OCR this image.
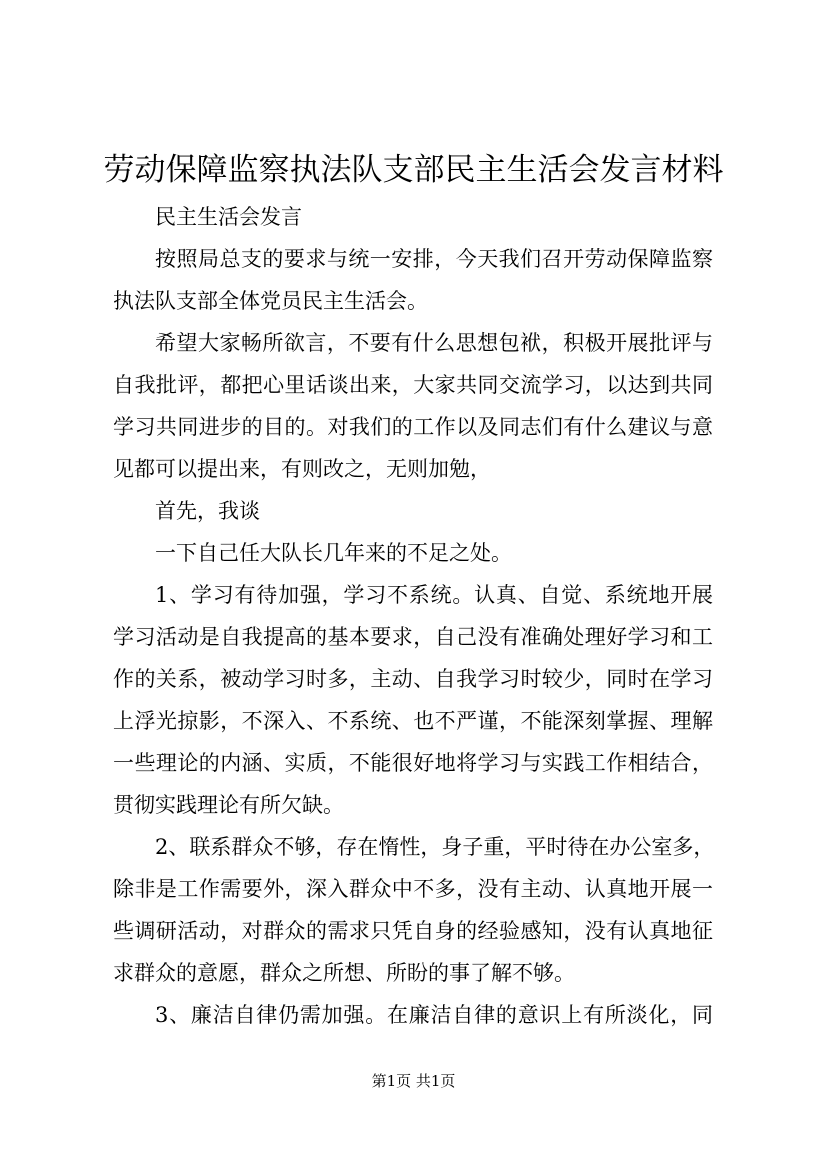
劳动保障监察执法队支部民主生活会发言材料
民主生活会发言
按照局总支的要求与统一安排，今天我们召开劳动保障监察
执法队支部全体党员民主生活会。
希望大家畅所欲言，不要有什么思想包袱，积极开展批评与
自我批评，都把心里话谈出来，大家共同交流学习，以达到共同
学习共同进步的目的。对我们的工作以及同志们有什么建议与意
见都可以提出来，有则改之，无则加勉，
首先，我谈
一下自己任大队长几年来的不足之处。
1、学习有待加强，学习不系统。认真、自觉、系统地开展
学习活动是自我提高的基本要求，自己没有准确处理好学习和工
作的关系，被动学习时多，主动、自我学习时较少，同时在学习
上浮光掠影，不深入、不系统、也不严谨，不能深刻掌握、理解
一些理论的内涵、实质，不能很好地将学习与实践工作相结合，
贯彻实践理论有所欠缺。
2、联系群众不够，存在惰性，身子重，平时待在办公室多，
除非是工作需要外，深入群众中不多，没有主动、认真地开展一
些调研活动，对群众的需求只凭自身的经验感知，没有认真地征
求群众的意愿，群众之所想、所盼的事了解不够。
3、廉洁自律仍需加强。在廉洁自律的意识上有所淡化，同
第1页 共1页
